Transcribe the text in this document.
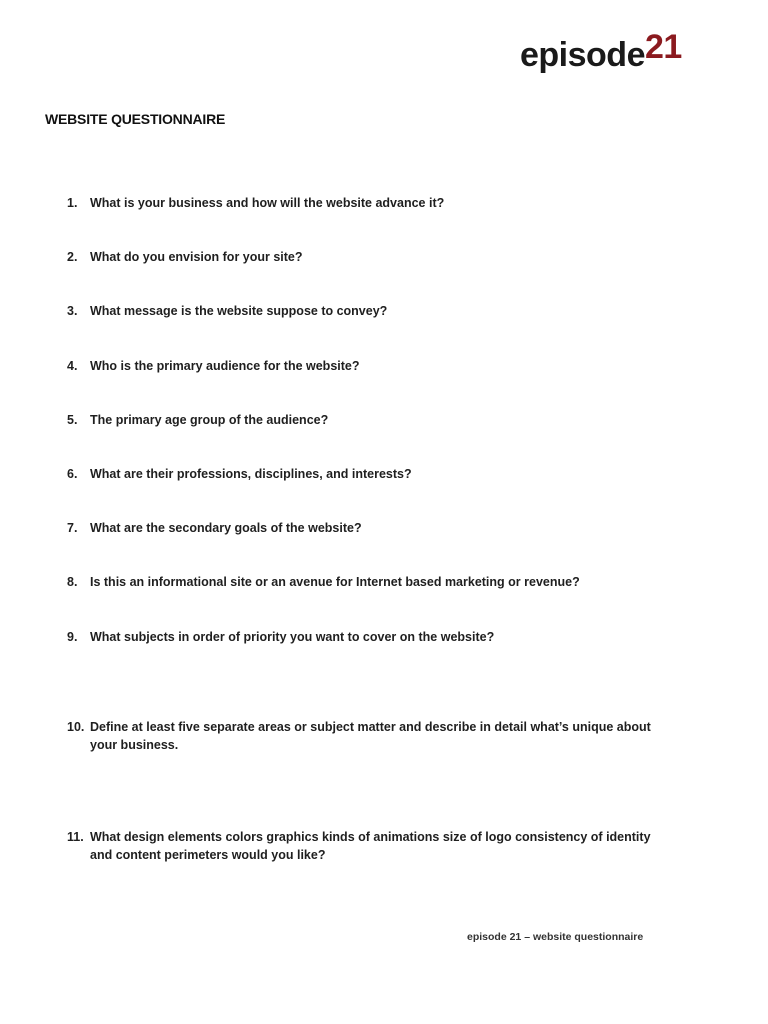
episode21
WEBSITE QUESTIONNAIRE
1.	What is your business and how will the website advance it?
2.	What do you envision for your site?
3.	What message is the website suppose to convey?
4.	Who is the primary audience for the website?
5.	The primary age group of the audience?
6.	What are their professions, disciplines, and interests?
7.	What are the secondary goals of the website?
8.	Is this an informational site or an avenue for Internet based marketing or revenue?
9.	What subjects in order of priority you want to cover on the website?
10. Define at least five separate areas or subject matter and describe in detail what’s unique about your business.
11. What design elements colors graphics kinds of animations size of logo consistency of identity and content perimeters would you like?
episode 21 – website questionnaire
